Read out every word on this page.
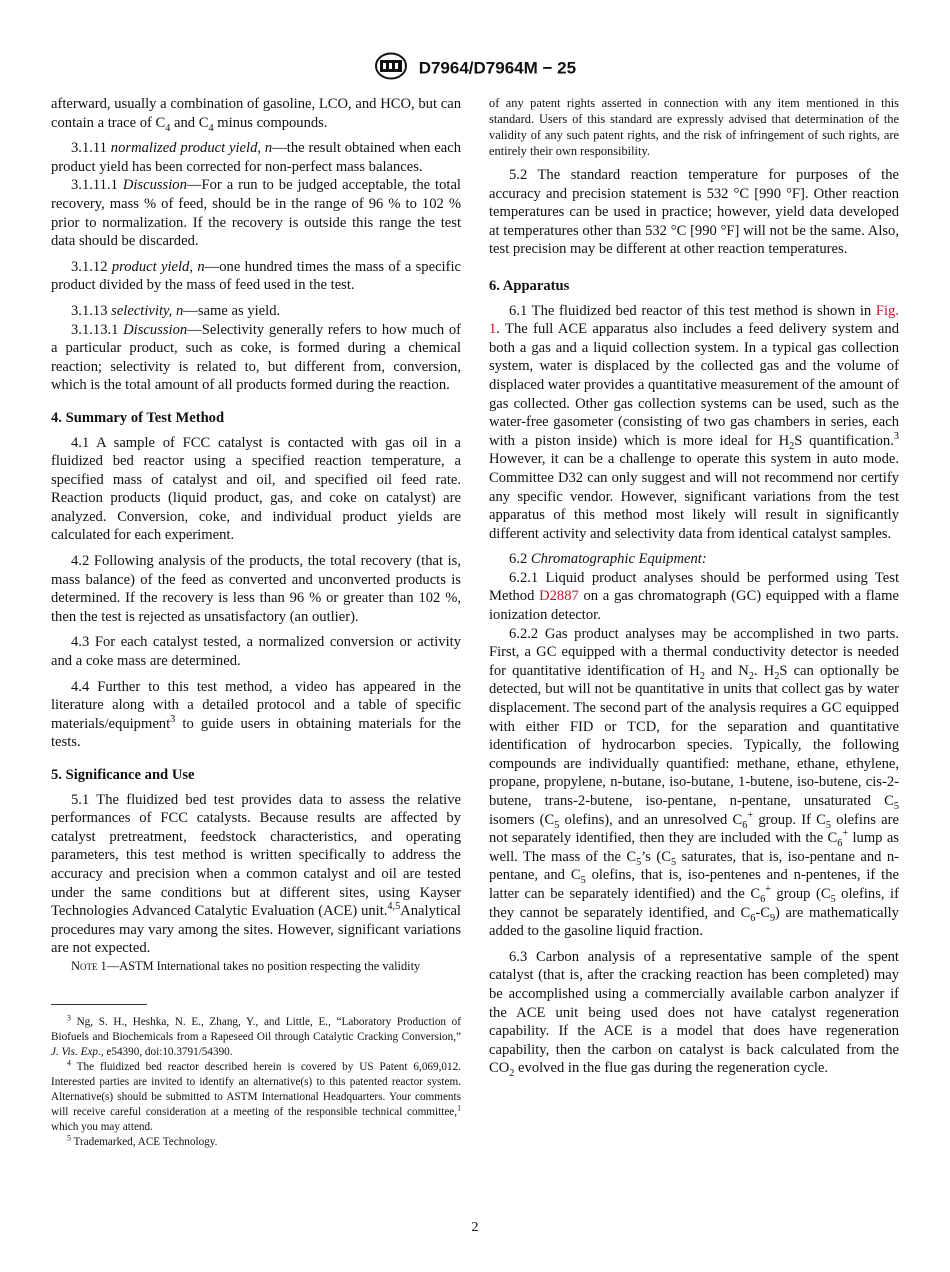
D7964/D7964M − 25

afterward, usually a combination of gasoline, LCO, and HCO, but can contain a trace of $C_4$ and $C_4$ minus compounds.

3.1.11 normalized product yield, n—the result obtained when each product yield has been corrected for non-perfect mass balances.

3.1.11.1 Discussion—For a run to be judged acceptable, the total recovery, mass % of feed, should be in the range of 96 % to 102 % prior to normalization. If the recovery is outside this range the test data should be discarded.

3.1.12 product yield, n—one hundred times the mass of a specific product divided by the mass of feed used in the test.

3.1.13 selectivity, n—same as yield.

3.1.13.1 Discussion—Selectivity generally refers to how much of a particular product, such as coke, is formed during a chemical reaction; selectivity is related to, but different from, conversion, which is the total amount of all products formed during the reaction.

4. Summary of Test Method

4.1 A sample of FCC catalyst is contacted with gas oil in a fluidized bed reactor using a specified reaction temperature, a specified mass of catalyst and oil, and specified oil feed rate. Reaction products (liquid product, gas, and coke on catalyst) are analyzed. Conversion, coke, and individual product yields are calculated for each experiment.

4.2 Following analysis of the products, the total recovery (that is, mass balance) of the feed as converted and unconverted products is determined. If the recovery is less than 96 % or greater than 102 %, then the test is rejected as unsatisfactory (an outlier).

4.3 For each catalyst tested, a normalized conversion or activity and a coke mass are determined.

4.4 Further to this test method, a video has appeared in the literature along with a detailed protocol and a table of specific materials/equipment$^3$ to guide users in obtaining materials for the tests.

5. Significance and Use

5.1 The fluidized bed test provides data to assess the relative performances of FCC catalysts. Because results are affected by catalyst pretreatment, feedstock characteristics, and operating parameters, this test method is written specifically to address the accuracy and precision when a common catalyst and oil are tested under the same conditions but at different sites, using Kayser Technologies Advanced Catalytic Evaluation (ACE) unit.$^{4,5}$Analytical procedures may vary among the sites. However, significant variations are not expected.

Note 1—ASTM International takes no position respecting the validity

$^3$ Ng, S. H., Heshka, N. E., Zhang, Y., and Little, E., “Laboratory Production of Biofuels and Biochemicals from a Rapeseed Oil through Catalytic Cracking Conversion,” J. Vis. Exp., e54390, doi:10.3791/54390.

$^4$ The fluidized bed reactor described herein is covered by US Patent 6,069,012. Interested parties are invited to identify an alternative(s) to this patented reactor system. Alternative(s) should be submitted to ASTM International Headquarters. Your comments will receive careful consideration at a meeting of the responsible technical committee,$^1$ which you may attend.

$^5$ Trademarked, ACE Technology.

of any patent rights asserted in connection with any item mentioned in this standard. Users of this standard are expressly advised that determination of the validity of any such patent rights, and the risk of infringement of such rights, are entirely their own responsibility.

5.2 The standard reaction temperature for purposes of the accuracy and precision statement is 532 °C [990 °F]. Other reaction temperatures can be used in practice; however, yield data developed at temperatures other than 532 °C [990 °F] will not be the same. Also, test precision may be different at other reaction temperatures.

6. Apparatus

6.1 The fluidized bed reactor of this test method is shown in Fig. 1. The full ACE apparatus also includes a feed delivery system and both a gas and a liquid collection system. In a typical gas collection system, water is displaced by the collected gas and the volume of displaced water provides a quantitative measurement of the amount of gas collected. Other gas collection systems can be used, such as the water-free gasometer (consisting of two gas chambers in series, each with a piston inside) which is more ideal for $H_2S$ quantification.$^3$ However, it can be a challenge to operate this system in auto mode. Committee D32 can only suggest and will not recommend nor certify any specific vendor. However, significant variations from the test apparatus of this method most likely will result in significantly different activity and selectivity data from identical catalyst samples.

6.2 Chromatographic Equipment:

6.2.1 Liquid product analyses should be performed using Test Method D2887 on a gas chromatograph (GC) equipped with a flame ionization detector.

6.2.2 Gas product analyses may be accomplished in two parts. First, a GC equipped with a thermal conductivity detector is needed for quantitative identification of $H_2$ and $N_2$. $H_2S$ can optionally be detected, but will not be quantitative in units that collect gas by water displacement. The second part of the analysis requires a GC equipped with either FID or TCD, for the separation and quantitative identification of hydrocarbon species. Typically, the following compounds are individually quantified: methane, ethane, ethylene, propane, propylene, n-butane, iso-butane, 1-butene, iso-butene, cis-2-butene, trans-2-butene, iso-pentane, n-pentane, unsaturated $C_5$ isomers ($C_5$ olefins), and an unresolved $C_6^+$ group. If $C_5$ olefins are not separately identified, then they are included with the $C_6^+$ lump as well. The mass of the $C_5’s$ ($C_5$ saturates, that is, iso-pentane and n-pentane, and $C_5$ olefins, that is, iso-pentenes and n-pentenes, if the latter can be separately identified) and the $C_6^+$ group ($C_5$ olefins, if they cannot be separately identified, and $C_6-C_9$) are mathematically added to the gasoline liquid fraction.

6.3 Carbon analysis of a representative sample of the spent catalyst (that is, after the cracking reaction has been completed) may be accomplished using a commercially available carbon analyzer if the ACE unit being used does not have catalyst regeneration capability. If the ACE is a model that does have regeneration capability, then the carbon on catalyst is back calculated from the $CO_2$ evolved in the flue gas during the regeneration cycle.

2
